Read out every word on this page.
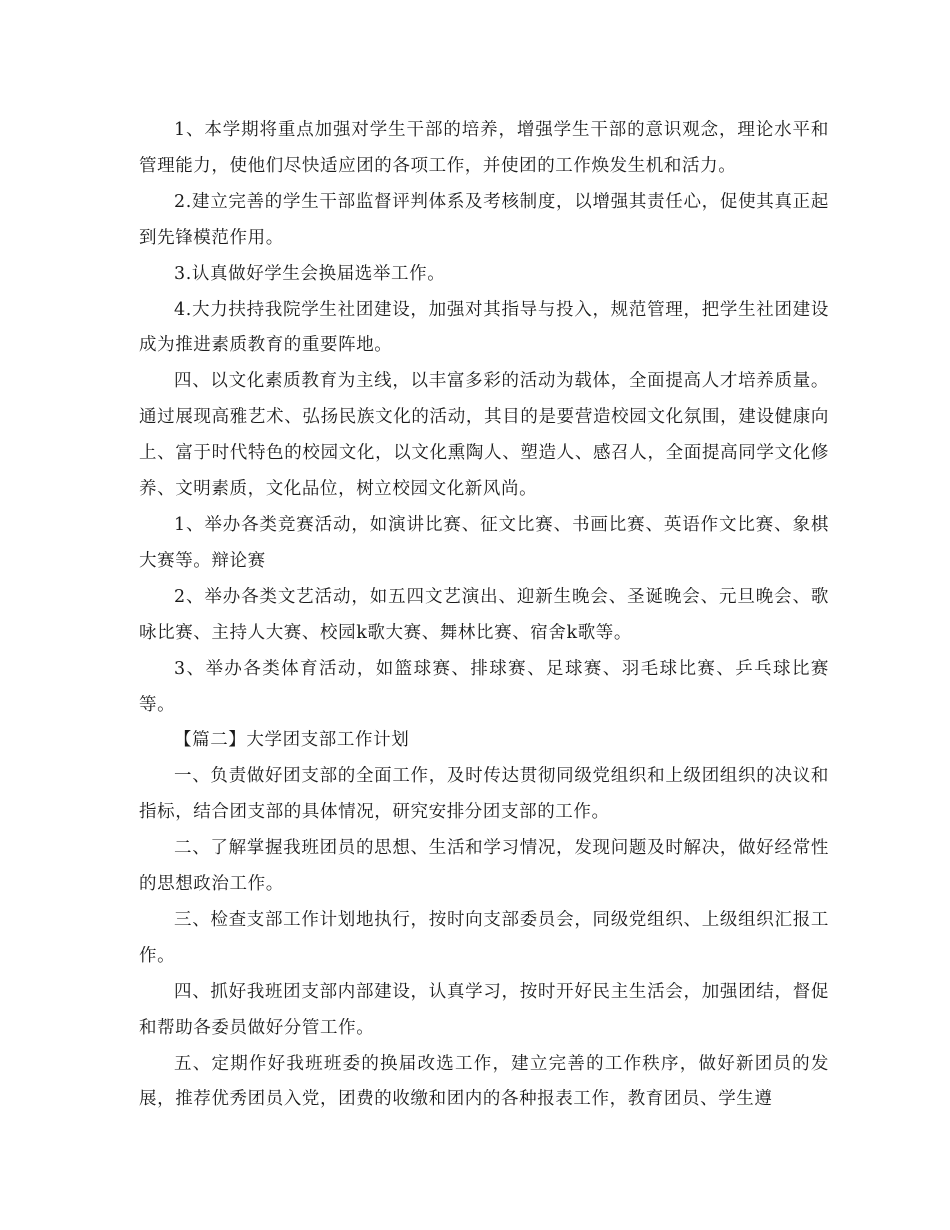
1、本学期将重点加强对学生干部的培养，增强学生干部的意识观念，理论水平和管理能力，使他们尽快适应团的各项工作，并使团的工作焕发生机和活力。

2.建立完善的学生干部监督评判体系及考核制度，以增强其责任心，促使其真正起到先锋模范作用。

3.认真做好学生会换届选举工作。

4.大力扶持我院学生社团建设，加强对其指导与投入，规范管理，把学生社团建设成为推进素质教育的重要阵地。

四、以文化素质教育为主线，以丰富多彩的活动为载体，全面提高人才培养质量。通过展现高雅艺术、弘扬民族文化的活动，其目的是要营造校园文化氛围，建设健康向上、富于时代特色的校园文化，以文化熏陶人、塑造人、感召人，全面提高同学文化修养、文明素质，文化品位，树立校园文化新风尚。

1、举办各类竞赛活动，如演讲比赛、征文比赛、书画比赛、英语作文比赛、象棋大赛等。辩论赛

2、举办各类文艺活动，如五四文艺演出、迎新生晚会、圣诞晚会、元旦晚会、歌咏比赛、主持人大赛、校园k歌大赛、舞林比赛、宿舍k歌等。

3、举办各类体育活动，如篮球赛、排球赛、足球赛、羽毛球比赛、乒乓球比赛等。

【篇二】大学团支部工作计划

一、负责做好团支部的全面工作，及时传达贯彻同级党组织和上级团组织的决议和指标，结合团支部的具体情况，研究安排分团支部的工作。

二、了解掌握我班团员的思想、生活和学习情况，发现问题及时解决，做好经常性的思想政治工作。

三、检查支部工作计划地执行，按时向支部委员会，同级党组织、上级组织汇报工作。

四、抓好我班团支部内部建设，认真学习，按时开好民主生活会，加强团结，督促和帮助各委员做好分管工作。

五、定期作好我班班委的换届改选工作，建立完善的工作秩序，做好新团员的发展，推荐优秀团员入党，团费的收缴和团内的各种报表工作，教育团员、学生遵
